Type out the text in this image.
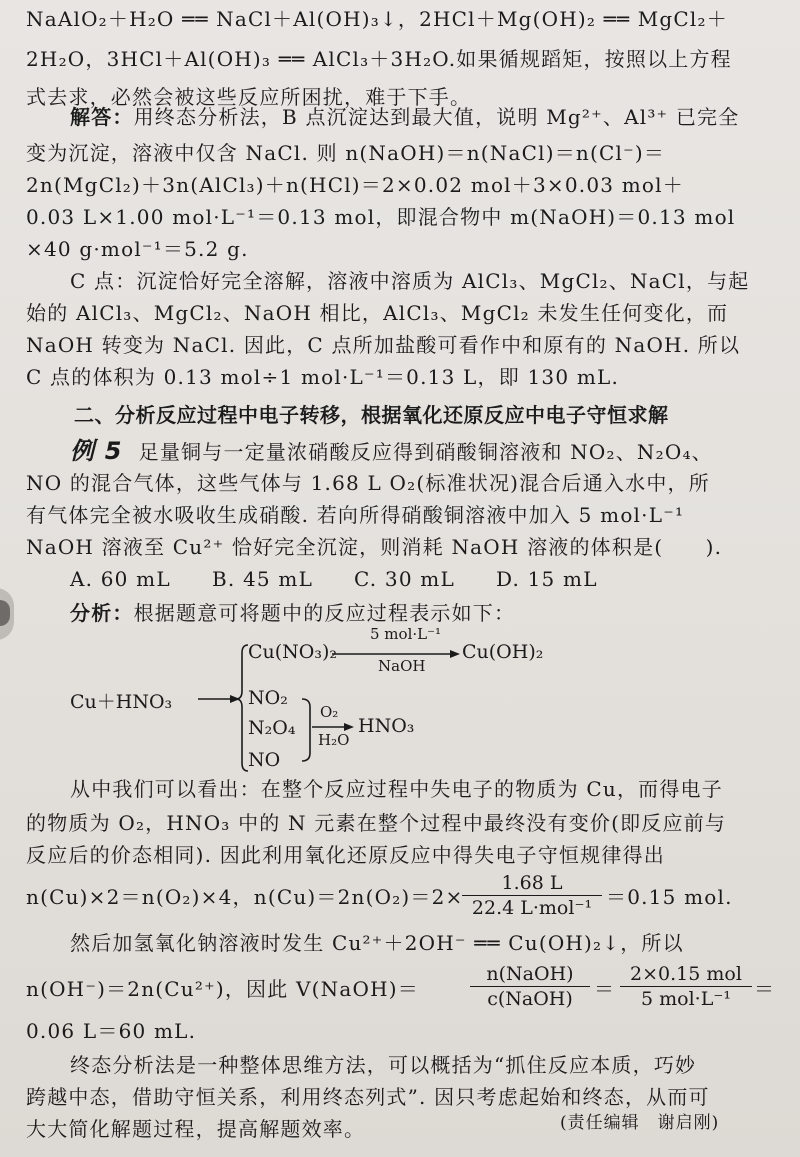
NaAlO₂＋H₂O ══ NaCl＋Al(OH)₃↓，2HCl＋Mg(OH)₂ ══ MgCl₂＋
2H₂O，3HCl＋Al(OH)₃ ══ AlCl₃＋3H₂O.如果循规蹈矩，按照以上方程
式去求，必然会被这些反应所困扰，难于下手。
解答：用终态分析法，B 点沉淀达到最大值，说明 Mg²⁺、Al³⁺ 已完全
变为沉淀，溶液中仅含 NaCl. 则 n(NaOH)＝n(NaCl)＝n(Cl⁻)＝
2n(MgCl₂)＋3n(AlCl₃)＋n(HCl)＝2×0.02 mol＋3×0.03 mol＋
0.03 L×1.00 mol·L⁻¹＝0.13 mol，即混合物中 m(NaOH)＝0.13 mol
×40 g·mol⁻¹＝5.2 g.
C 点：沉淀恰好完全溶解，溶液中溶质为 AlCl₃、MgCl₂、NaCl，与起
始的 AlCl₃、MgCl₂、NaOH 相比，AlCl₃、MgCl₂ 未发生任何变化，而
NaOH 转变为 NaCl. 因此，C 点所加盐酸可看作中和原有的 NaOH. 所以
C 点的体积为 0.13 mol÷1 mol·L⁻¹＝0.13 L，即 130 mL.
二、分析反应过程中电子转移，根据氧化还原反应中电子守恒求解
例 5 足量铜与一定量浓硝酸反应得到硝酸铜溶液和 NO₂、N₂O₄、
NO 的混合气体，这些气体与 1.68 L O₂(标准状况)混合后通入水中，所
有气体完全被水吸收生成硝酸. 若向所得硝酸铜溶液中加入 5 mol·L⁻¹
NaOH 溶液至 Cu²⁺ 恰好完全沉淀，则消耗 NaOH 溶液的体积是(　　).
A. 60 mL B. 45 mL C. 30 mL D. 15 mL
分析：根据题意可将题中的反应过程表示如下：
Cu＋HNO₃
Cu(NO₃)₂
5 mol·L⁻¹
NaOH
Cu(OH)₂
NO₂
N₂O₄
NO
O₂
H₂O
HNO₃
从中我们可以看出：在整个反应过程中失电子的物质为 Cu，而得电子
的物质为 O₂，HNO₃ 中的 N 元素在整个过程中最终没有变价(即反应前与
反应后的价态相同). 因此利用氧化还原反应中得失电子守恒规律得出
n(Cu)×2＝n(O₂)×4，n(Cu)＝2n(O₂)＝2×
1.68 L
22.4 L·mol⁻¹ ＝0.15 mol.
然后加氢氧化钠溶液时发生 Cu²⁺＋2OH⁻ ══ Cu(OH)₂↓，所以
n(OH⁻)＝2n(Cu²⁺)，因此 V(NaOH)＝
n(NaOH)
c(NaOH)	＝
2×0.15 mol
5 mol·L⁻¹	＝
0.06 L＝60 mL.
终态分析法是一种整体思维方法，可以概括为“抓住反应本质，巧妙
跨越中态，借助守恒关系，利用终态列式”. 因只考虑起始和终态，从而可
大大简化解题过程，提高解题效率。	(责任编辑　谢启刚)
